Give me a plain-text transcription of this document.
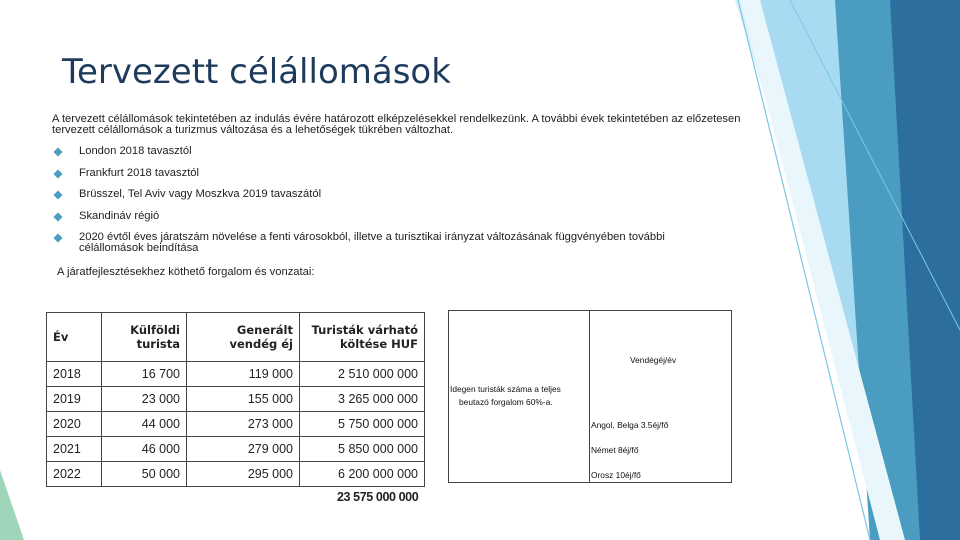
Tervezett célállomások
A tervezett célállomások tekintetében az indulás évére határozott elképzelésekkel rendelkezünk. A további évek tekintetében az előzetesen tervezett célállomások a turizmus változása és a lehetőségek tükrében változhat.
London 2018 tavasztól
Frankfurt 2018 tavasztól
Brüsszel, Tel Aviv vagy Moszkva 2019 tavaszától
Skandináv régió
2020 évtől éves járatszám növelése a fenti városokból, illetve a turisztikai irányzat változásának függvényében további célállomások beindítása
A járatfejlesztésekhez köthető forgalom és vonzatai:
Év	Külföldi turista	Generált vendég éj	Turisták várható költése HUF
2018	16 700	119 000	2 510 000 000
2019	23 000	155 000	3 265 000 000
2020	44 000	273 000	5 750 000 000
2021	46 000	279 000	5 850 000 000
2022	50 000	295 000	6 200 000 000
23 575 000 000
Idegen turisták száma a teljes
beutazó forgalom 60%-a.
Vendégéj/év
Angol, Belga 3.5éj/fő
Német 8éj/fő
Orosz 10éj/fő
